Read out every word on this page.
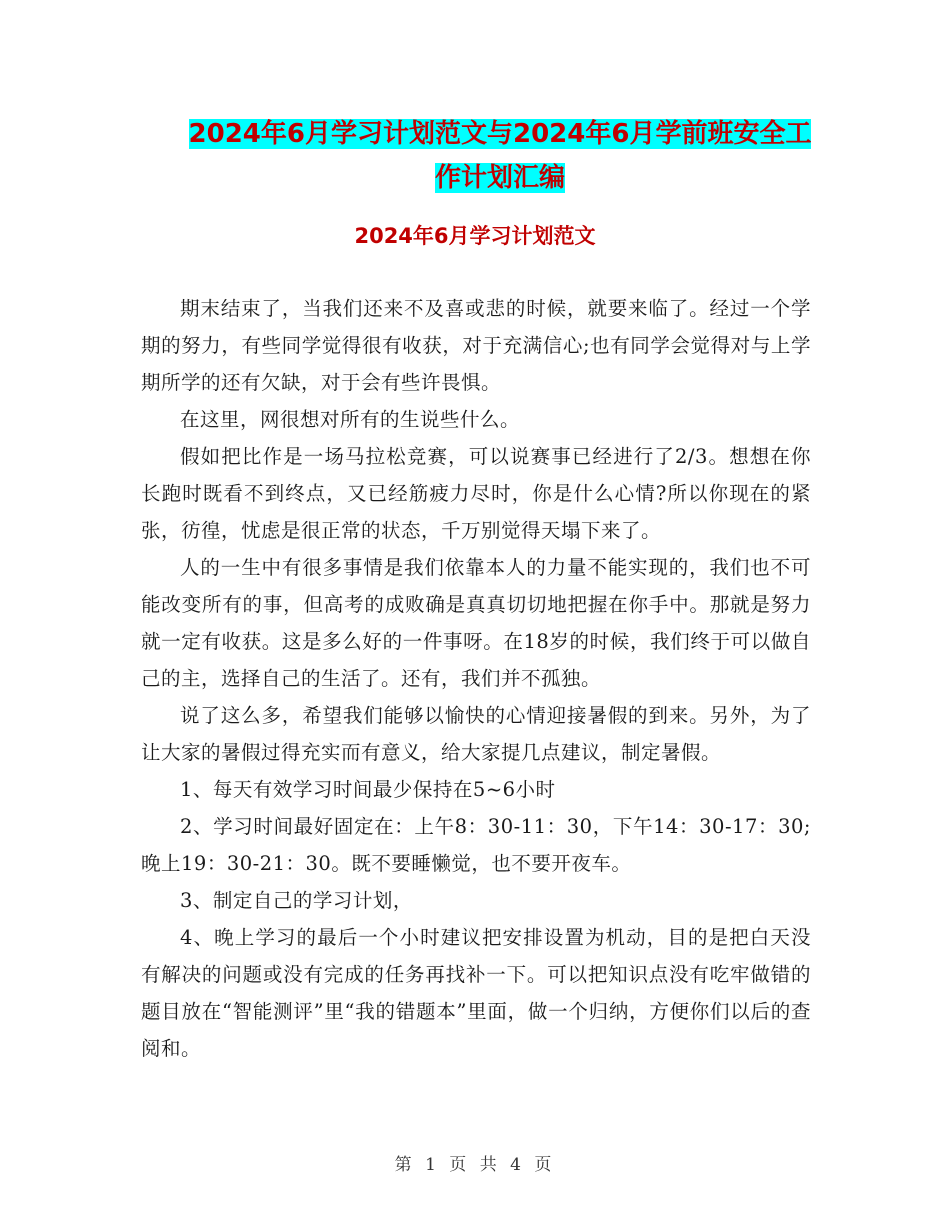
2024年6月学习计划范文与2024年6月学前班安全工
作计划汇编
2024年6月学习计划范文

期末结束了，当我们还来不及喜或悲的时候，就要来临了。经过一个学期的努力，有些同学觉得很有收获，对于充满信心;也有同学会觉得对与上学期所学的还有欠缺，对于会有些许畏惧。

在这里，网很想对所有的生说些什么。

假如把比作是一场马拉松竞赛，可以说赛事已经进行了2/3。想想在你长跑时既看不到终点，又已经筋疲力尽时，你是什么心情?所以你现在的紧张，彷徨，忧虑是很正常的状态，千万别觉得天塌下来了。

人的一生中有很多事情是我们依靠本人的力量不能实现的，我们也不可能改变所有的事，但高考的成败确是真真切切地把握在你手中。那就是努力就一定有收获。这是多么好的一件事呀。在18岁的时候，我们终于可以做自己的主，选择自己的生活了。还有，我们并不孤独。

说了这么多，希望我们能够以愉快的心情迎接暑假的到来。另外，为了让大家的暑假过得充实而有意义，给大家提几点建议，制定暑假。

1、每天有效学习时间最少保持在5~6小时

2、学习时间最好固定在：上午8：30-11：30，下午14：30-17：30;晚上19：30-21：30。既不要睡懒觉，也不要开夜车。

3、制定自己的学习计划，

4、晚上学习的最后一个小时建议把安排设置为机动，目的是把白天没有解决的问题或没有完成的任务再找补一下。可以把知识点没有吃牢做错的题目放在“智能测评”里“我的错题本”里面，做一个归纳，方便你们以后的查阅和。

第 1 页 共 4 页
